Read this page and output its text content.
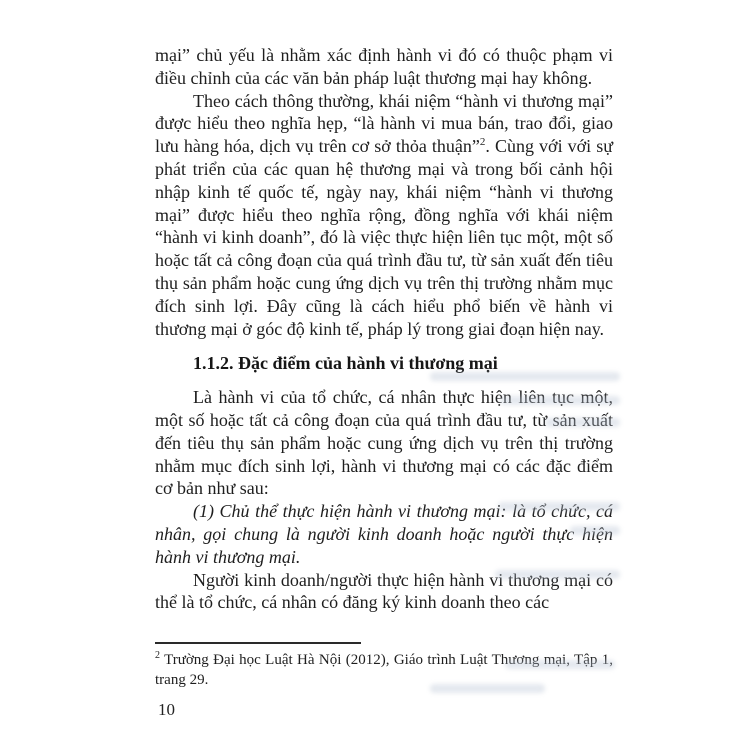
mại” chủ yếu là nhằm xác định hành vi đó có thuộc phạm vi điều chỉnh của các văn bản pháp luật thương mại hay không.

Theo cách thông thường, khái niệm “hành vi thương mại” được hiểu theo nghĩa hẹp, “là hành vi mua bán, trao đổi, giao lưu hàng hóa, dịch vụ trên cơ sở thỏa thuận”$^2$. Cùng với với sự phát triển của các quan hệ thương mại và trong bối cảnh hội nhập kinh tế quốc tế, ngày nay, khái niệm “hành vi thương mại” được hiểu theo nghĩa rộng, đồng nghĩa với khái niệm “hành vi kinh doanh”, đó là việc thực hiện liên tục một, một số hoặc tất cả công đoạn của quá trình đầu tư, từ sản xuất đến tiêu thụ sản phẩm hoặc cung ứng dịch vụ trên thị trường nhằm mục đích sinh lợi. Đây cũng là cách hiểu phổ biến về hành vi thương mại ở góc độ kinh tế, pháp lý trong giai đoạn hiện nay.

1.1.2. Đặc điểm của hành vi thương mại

Là hành vi của tổ chức, cá nhân thực hiện liên tục một, một số hoặc tất cả công đoạn của quá trình đầu tư, từ sản xuất đến tiêu thụ sản phẩm hoặc cung ứng dịch vụ trên thị trường nhằm mục đích sinh lợi, hành vi thương mại có các đặc điểm cơ bản như sau:

(1) Chủ thể thực hiện hành vi thương mại: là tổ chức, cá nhân, gọi chung là người kinh doanh hoặc người thực hiện hành vi thương mại.

Người kinh doanh/người thực hiện hành vi thương mại có thể là tổ chức, cá nhân có đăng ký kinh doanh theo các

$^2$ Trường Đại học Luật Hà Nội (2012), Giáo trình Luật Thương mại, Tập 1, trang 29.

10
